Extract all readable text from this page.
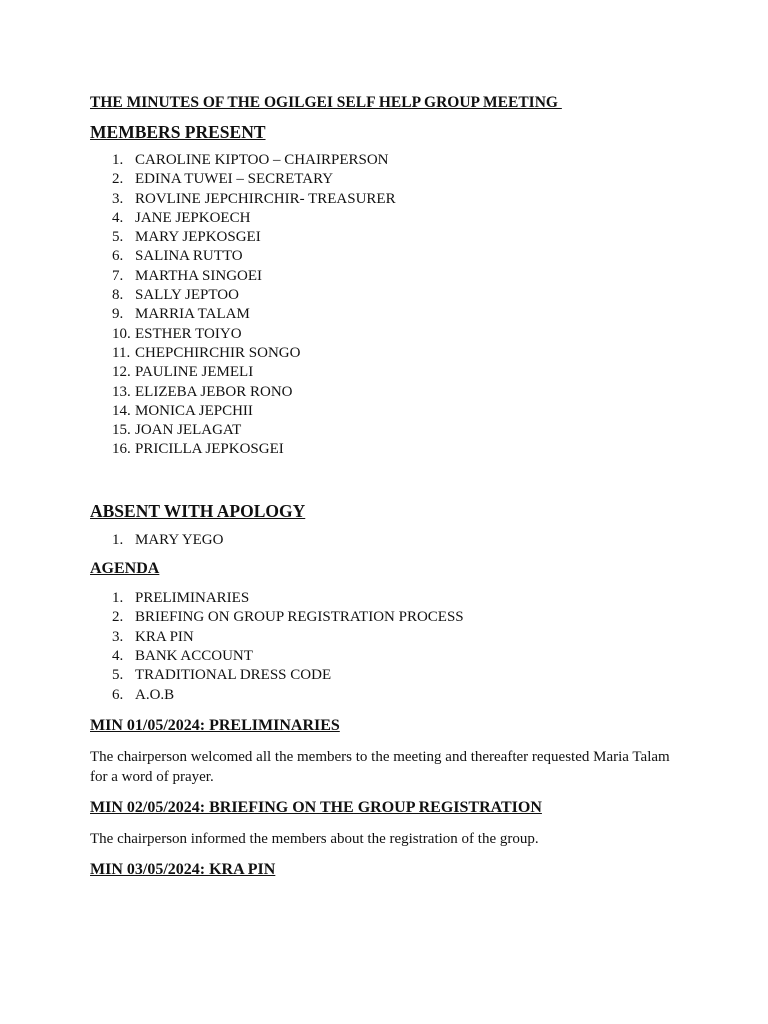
THE MINUTES OF THE OGILGEI SELF HELP GROUP MEETING
MEMBERS PRESENT
1. CAROLINE KIPTOO – CHAIRPERSON
2. EDINA TUWEI – SECRETARY
3. ROVLINE JEPCHIRCHIR- TREASURER
4. JANE JEPKOECH
5. MARY JEPKOSGEI
6. SALINA RUTTO
7. MARTHA SINGOEI
8. SALLY JEPTOO
9. MARRIA TALAM
10. ESTHER TOIYO
11. CHEPCHIRCHIR SONGO
12. PAULINE JEMELI
13. ELIZEBA JEBOR RONO
14. MONICA JEPCHII
15. JOAN JELAGAT
16. PRICILLA JEPKOSGEI
ABSENT WITH APOLOGY
1. MARY YEGO
AGENDA
1. PRELIMINARIES
2. BRIEFING ON GROUP REGISTRATION PROCESS
3. KRA PIN
4. BANK ACCOUNT
5. TRADITIONAL DRESS CODE
6. A.O.B
MIN 01/05/2024: PRELIMINARIES

The chairperson welcomed all the members to the meeting and thereafter requested Maria Talam for a word of prayer.

MIN 02/05/2024: BRIEFING ON THE GROUP REGISTRATION

The chairperson informed the members about the registration of the group.

MIN 03/05/2024: KRA PIN
